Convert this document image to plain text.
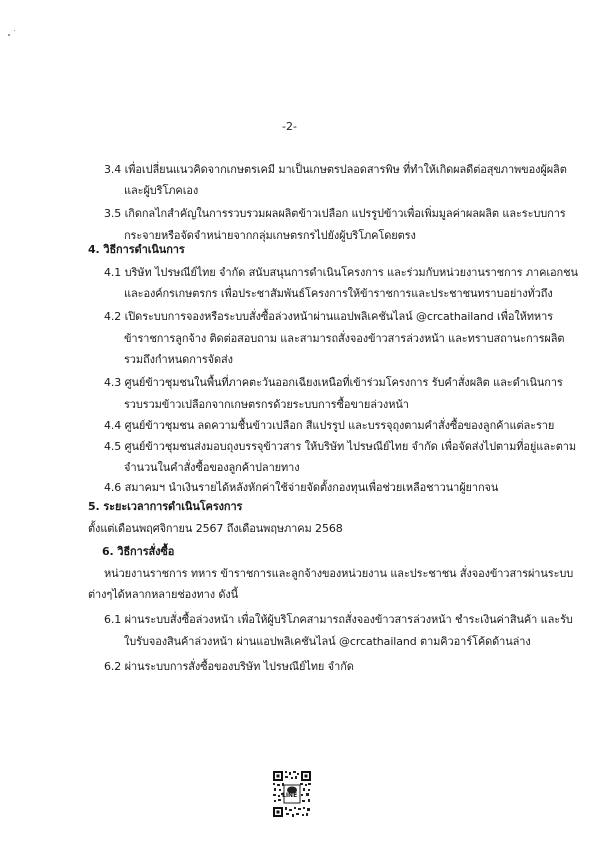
-2-
3.4 เพื่อเปลี่ยนแนวคิดจากเกษตรเคมี มาเป็นเกษตรปลอดสารพิษ ที่ทำให้เกิดผลดีต่อสุขภาพของผู้ผลิต
และผู้บริโภคเอง
3.5 เกิดกลไกสำคัญในการรวบรวมผลผลิตข้าวเปลือก แปรรูปข้าวเพื่อเพิ่มมูลค่าผลผลิต และระบบการ
กระจายหรือจัดจำหน่ายจากกลุ่มเกษตรกรไปยังผู้บริโภคโดยตรง
4. วิธีการดำเนินการ
4.1 บริษัท ไปรษณีย์ไทย จำกัด สนับสนุนการดำเนินโครงการ และร่วมกับหน่วยงานราชการ ภาคเอกชน
และองค์กรเกษตรกร เพื่อประชาสัมพันธ์โครงการให้ข้าราชการและประชาชนทราบอย่างทั่วถึง
4.2 เปิดระบบการจองหรือระบบสั่งซื้อล่วงหน้าผ่านแอปพลิเคชันไลน์ @crcathailand เพื่อให้ทหาร
ข้าราชการลูกจ้าง ติดต่อสอบถาม และสามารถสั่งจองข้าวสารล่วงหน้า และทราบสถานะการผลิต
รวมถึงกำหนดการจัดส่ง
4.3 ศูนย์ข้าวชุมชนในพื้นที่ภาคตะวันออกเฉียงเหนือที่เข้าร่วมโครงการ รับคำสั่งผลิต และดำเนินการ
รวบรวมข้าวเปลือกจากเกษตรกรด้วยระบบการซื้อขายล่วงหน้า
4.4 ศูนย์ข้าวชุมชน ลดความชื้นข้าวเปลือก สีแปรรูป และบรรจุถุงตามคำสั่งซื้อของลูกค้าแต่ละราย
4.5 ศูนย์ข้าวชุมชนส่งมอบถุงบรรจุข้าวสาร ให้บริษัท ไปรษณีย์ไทย จำกัด เพื่อจัดส่งไปตามที่อยู่และตาม
จำนวนในคำสั่งซื้อของลูกค้าปลายทาง
4.6 สมาคมฯ นำเงินรายได้หลังหักค่าใช้จ่ายจัดตั้งกองทุนเพื่อช่วยเหลือชาวนาผู้ยากจน
5. ระยะเวลาการดำเนินโครงการ
ตั้งแต่เดือนพฤศจิกายน 2567 ถึงเดือนพฤษภาคม 2568
6. วิธีการสั่งซื้อ
หน่วยงานราชการ ทหาร ข้าราชการและลูกจ้างของหน่วยงาน และประชาชน สั่งจองข้าวสารผ่านระบบ
ต่างๆได้หลากหลายช่องทาง ดังนี้
6.1 ผ่านระบบสั่งซื้อล่วงหน้า เพื่อให้ผู้บริโภคสามารถสั่งจองข้าวสารล่วงหน้า ชำระเงินค่าสินค้า และรับ
ใบรับจองสินค้าล่วงหน้า ผ่านแอปพลิเคชันไลน์ @crcathailand ตามคิวอาร์โค้ดด้านล่าง
6.2 ผ่านระบบการสั่งซื้อของบริษัท ไปรษณีย์ไทย จำกัด
LINE
